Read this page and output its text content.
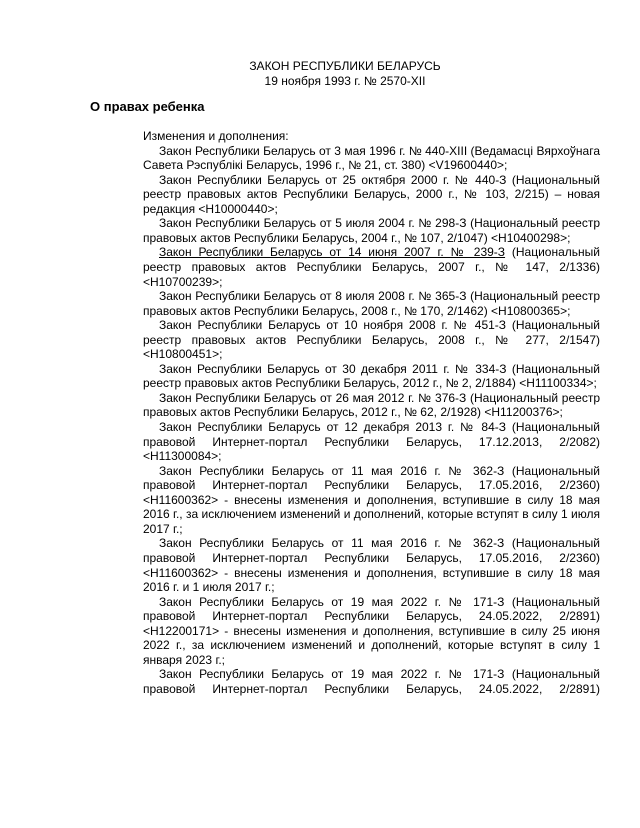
ЗАКОН РЕСПУБЛИКИ БЕЛАРУСЬ
19 ноября 1993 г. № 2570-XII
О правах ребенка

Изменения и дополнения:

Закон Республики Беларусь от 3 мая 1996 г. № 440-XIII (Ведамасці Вярхоўнага Савета Рэспублікі Беларусь, 1996 г., № 21, ст. 380) <V19600440>;

Закон Республики Беларусь от 25 октября 2000 г. № 440-З (Национальный реестр правовых актов Республики Беларусь, 2000 г., № 103, 2/215) – новая редакция <H10000440>;

Закон Республики Беларусь от 5 июля 2004 г. № 298-З (Национальный реестр правовых актов Республики Беларусь, 2004 г., № 107, 2/1047) <H10400298>;

Закон Республики Беларусь от 14 июня 2007 г. № 239-З (Национальный реестр правовых актов Республики Беларусь, 2007 г., № 147, 2/1336) <H10700239>;

Закон Республики Беларусь от 8 июля 2008 г. № 365-З (Национальный реестр правовых актов Республики Беларусь, 2008 г., № 170, 2/1462) <H10800365>;

Закон Республики Беларусь от 10 ноября 2008 г. № 451-З (Национальный реестр правовых актов Республики Беларусь, 2008 г., № 277, 2/1547) <H10800451>;

Закон Республики Беларусь от 30 декабря 2011 г. № 334-З (Национальный реестр правовых актов Республики Беларусь, 2012 г., № 2, 2/1884) <H11100334>;

Закон Республики Беларусь от 26 мая 2012 г. № 376-З (Национальный реестр правовых актов Республики Беларусь, 2012 г., № 62, 2/1928) <H11200376>;

Закон Республики Беларусь от 12 декабря 2013 г. № 84-З (Национальный правовой Интернет-портал Республики Беларусь, 17.12.2013, 2/2082) <H11300084>;

Закон Республики Беларусь от 11 мая 2016 г. № 362-З (Национальный правовой Интернет-портал Республики Беларусь, 17.05.2016, 2/2360) <H11600362> - внесены изменения и дополнения, вступившие в силу 18 мая 2016 г., за исключением изменений и дополнений, которые вступят в силу 1 июля 2017 г.;

Закон Республики Беларусь от 11 мая 2016 г. № 362-З (Национальный правовой Интернет-портал Республики Беларусь, 17.05.2016, 2/2360) <H11600362> - внесены изменения и дополнения, вступившие в силу 18 мая 2016 г. и 1 июля 2017 г.;

Закон Республики Беларусь от 19 мая 2022 г. № 171-З (Национальный правовой Интернет-портал Республики Беларусь, 24.05.2022, 2/2891) <H12200171> - внесены изменения и дополнения, вступившие в силу 25 июня 2022 г., за исключением изменений и дополнений, которые вступят в силу 1 января 2023 г.;

Закон Республики Беларусь от 19 мая 2022 г. № 171-З (Национальный правовой Интернет-портал Республики Беларусь, 24.05.2022, 2/2891)
